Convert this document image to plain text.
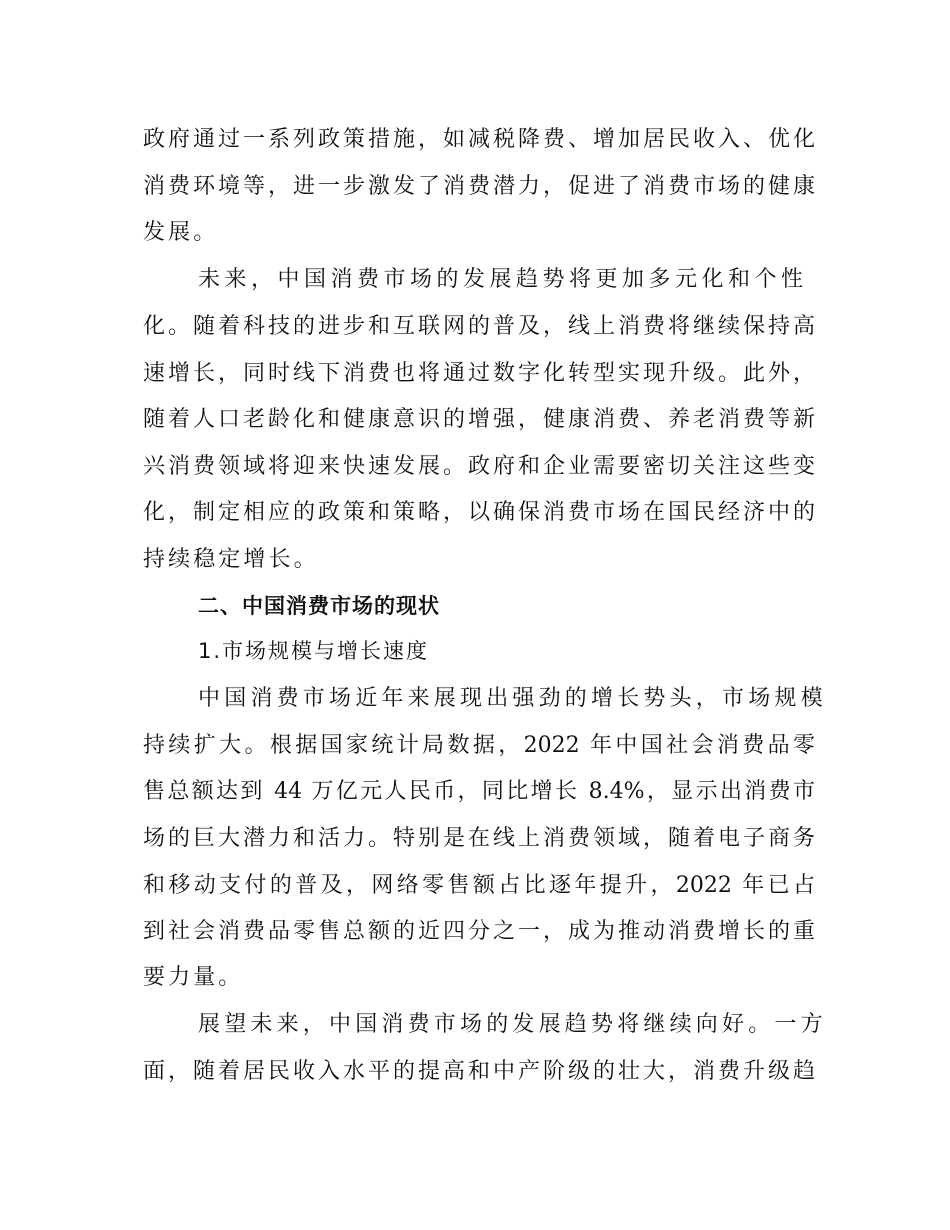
政府通过一系列政策措施，如减税降费、增加居民收入、优化
消费环境等，进一步激发了消费潜力，促进了消费市场的健康
发展。
未来，中国消费市场的发展趋势将更加多元化和个性
化。随着科技的进步和互联网的普及，线上消费将继续保持高
速增长，同时线下消费也将通过数字化转型实现升级。此外，
随着人口老龄化和健康意识的增强，健康消费、养老消费等新
兴消费领域将迎来快速发展。政府和企业需要密切关注这些变
化，制定相应的政策和策略，以确保消费市场在国民经济中的
持续稳定增长。
二、中国消费市场的现状
1.市场规模与增长速度
中国消费市场近年来展现出强劲的增长势头，市场规模
持续扩大。根据国家统计局数据，2022 年中国社会消费品零
售总额达到 44 万亿元人民币，同比增长 8.4%，显示出消费市
场的巨大潜力和活力。特别是在线上消费领域，随着电子商务
和移动支付的普及，网络零售额占比逐年提升，2022 年已占
到社会消费品零售总额的近四分之一，成为推动消费增长的重
要力量。
展望未来，中国消费市场的发展趋势将继续向好。一方
面，随着居民收入水平的提高和中产阶级的壮大，消费升级趋
